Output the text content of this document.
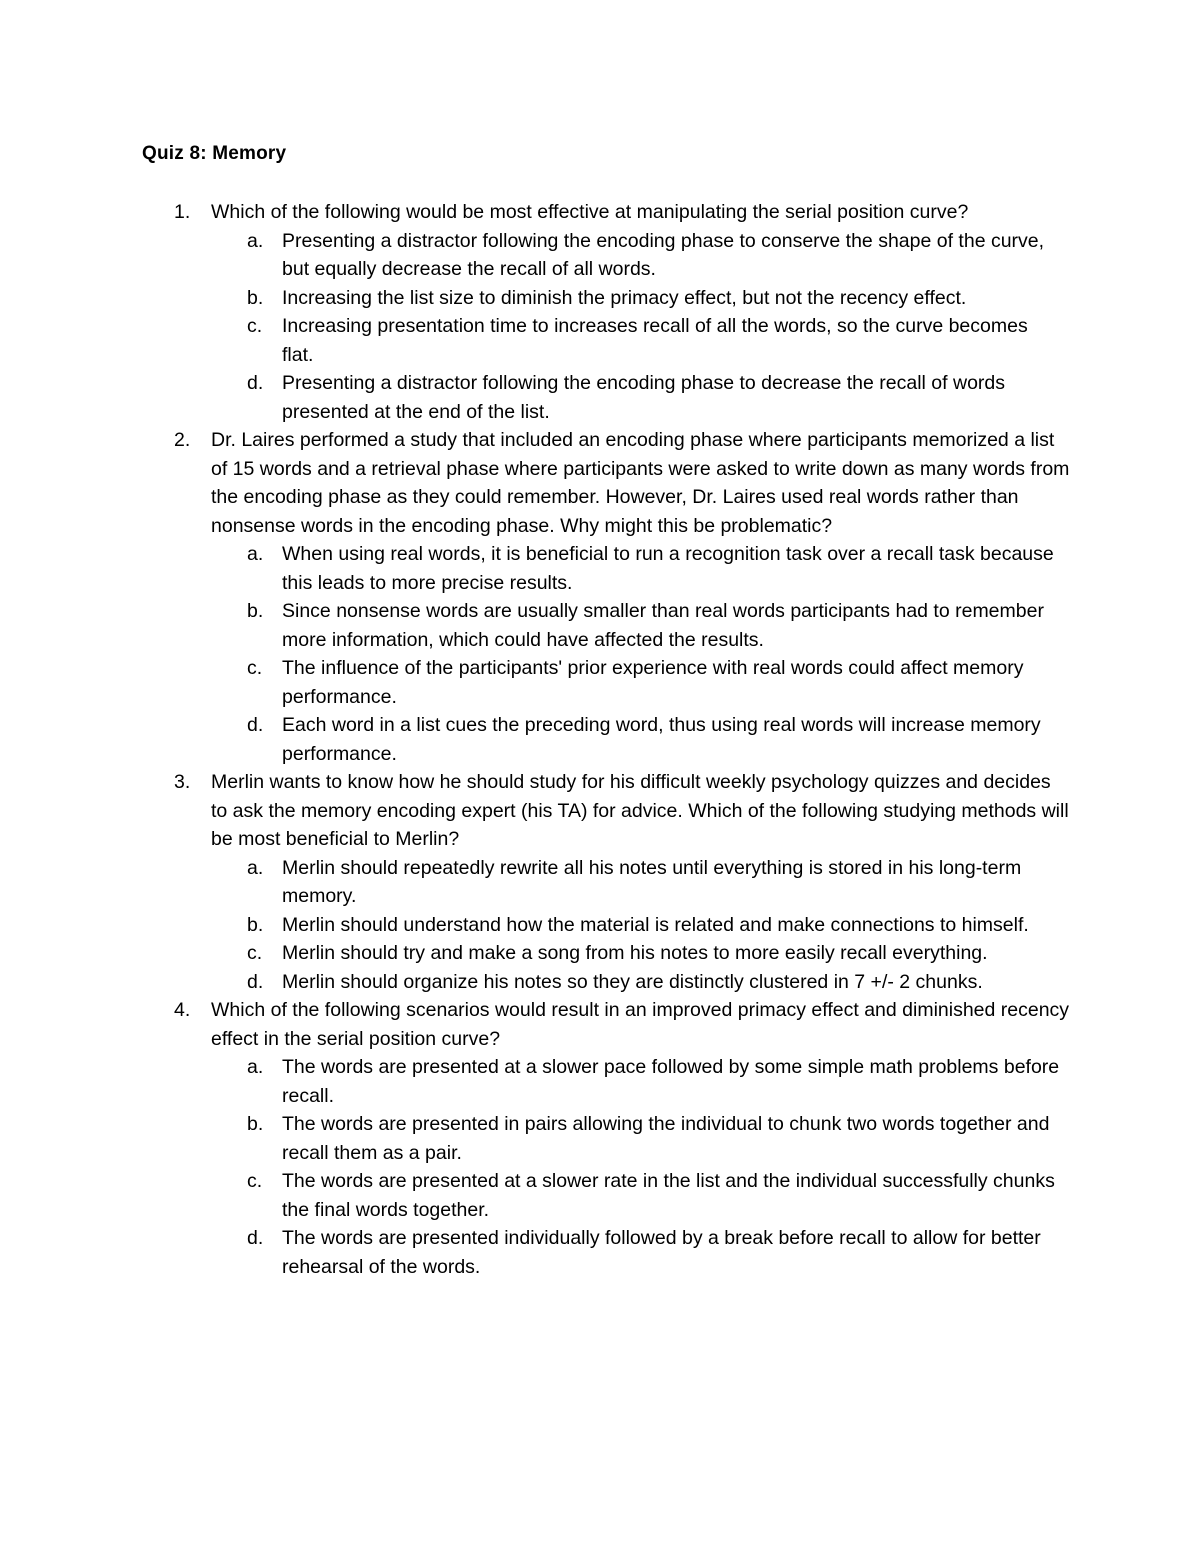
Quiz 8: Memory
1. Which of the following would be most effective at manipulating the serial position curve?
a. Presenting a distractor following the encoding phase to conserve the shape of the curve, but equally decrease the recall of all words.
b. Increasing the list size to diminish the primacy effect, but not the recency effect.
c. Increasing presentation time to increases recall of all the words, so the curve becomes flat.
d. Presenting a distractor following the encoding phase to decrease the recall of words presented at the end of the list.
2. Dr. Laires performed a study that included an encoding phase where participants memorized a list of 15 words and a retrieval phase where participants were asked to write down as many words from the encoding phase as they could remember. However, Dr. Laires used real words rather than nonsense words in the encoding phase. Why might this be problematic?
a. When using real words, it is beneficial to run a recognition task over a recall task because this leads to more precise results.
b. Since nonsense words are usually smaller than real words participants had to remember more information, which could have affected the results.
c. The influence of the participants' prior experience with real words could affect memory performance.
d. Each word in a list cues the preceding word, thus using real words will increase memory performance.
3. Merlin wants to know how he should study for his difficult weekly psychology quizzes and decides to ask the memory encoding expert (his TA) for advice. Which of the following studying methods will be most beneficial to Merlin?
a. Merlin should repeatedly rewrite all his notes until everything is stored in his long-term memory.
b. Merlin should understand how the material is related and make connections to himself.
c. Merlin should try and make a song from his notes to more easily recall everything.
d. Merlin should organize his notes so they are distinctly clustered in 7 +/- 2 chunks.
4. Which of the following scenarios would result in an improved primacy effect and diminished recency effect in the serial position curve?
a. The words are presented at a slower pace followed by some simple math problems before recall.
b. The words are presented in pairs allowing the individual to chunk two words together and recall them as a pair.
c. The words are presented at a slower rate in the list and the individual successfully chunks the final words together.
d. The words are presented individually followed by a break before recall to allow for better rehearsal of the words.
